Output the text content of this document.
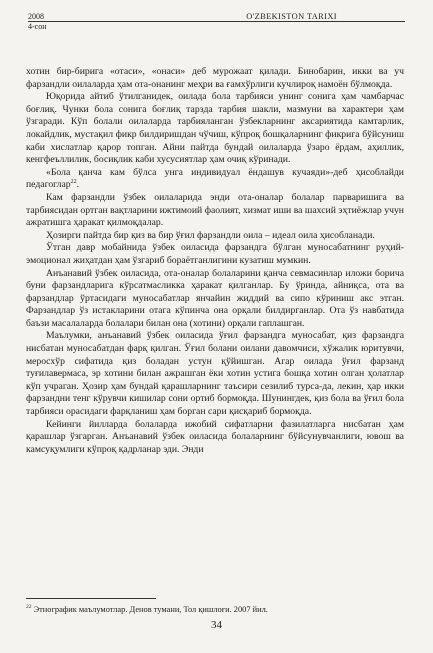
2008
4-сон
O'ZBEKISTON TARIXI

хотин бир-бирига «отаси», «онаси» деб мурожаат қилади. Бинобарин, икки ва уч фарзандли оилаларда ҳам ота-онанинг меҳри ва ғамхўрлиги кучлироқ намоён бўлмоқда.

Юқорида айтиб ўтилганидек, оилада бола тарбияси унинг сонига ҳам чамбарчас боғлиқ. Чунки бола сонига боғлиқ тарзда тарбия шакли, мазмуни ва характери ҳам ўзгаради. Кўп болали оилаларда тарбияланган ўзбекларнинг аксариятида камтарлик, локайдлик, мустақил фикр билдиришдан чўчиш, кўпроқ бошқаларнинг фикрига бўйсуниш каби хислатлар қарор топган. Айни пайтда бундай оилаларда ўзаро ёрдам, аҳиллик, кенгфеъллилик, босиқлик каби хусусиятлар ҳам очиқ кўринади.

«Бола қанча кам бўлса унга индивидуал ёндашув кучаяди»-деб ҳисоблайди педагоглар$^{22}$.

Кам фарзандли ўзбек оилаларида энди ота-оналар болалар парваришига ва тарбиясидан ортган вақтларини ижтимоий фаолият, хизмат иши ва шахсий эҳтиёжлар учун ажратишга ҳаракат қилмоқдалар.

Ҳозирги пайтда бир қиз ва бир ўғил фарзандли оила – идеал оила ҳисобланади.

Ўтган давр мобайнида ўзбек оиласида фарзандга бўлган муносабатнинг руҳий-эмоционал жиҳатдан ҳам ўзгариб бораётганлигини кузатиш мумкин.

Анъанавий ўзбек оиласида, ота-оналар болаларини қанча севмасинлар иложи борича буни фарзандларига кўрсатмасликка ҳаракат қилганлар. Бу ўринда, айниқса, ота ва фарзандлар ўртасидаги муносабатлар янчайин жиддий ва сипо кўриниш акс этган. Фарзандлар ўз истакларини отага кўпинча она орқали билдирганлар. Ота ўз навбатида баъзи масалаларда болалари билан она (хотини) орқали гаплашган.

Маълумки, анъанавий ўзбек оиласида ўғил фарзандга муносабат, қиз фарзандга нисбатан муносабатдан фарқ қилган. Ўғил болани оилани давомчиси, хўжалик юритувчи, мероcхўр сифатида қиз боладан устун қўйишган. Агар оилада ўғил фарзанд туғилавермаса, эр хотини билан ажрашган ёки хотин устига бошқа хотин олган ҳолатлар кўп учраган. Ҳозир ҳам бундай қарашларнинг таъсири сезилиб турса-да, лекин, ҳар икки фарзандни тенг кўрувчи кишилар сони ортиб бормоқда. Шунингдек, қиз бола ва ўғил бола тарбияси орасидаги фарқланиш ҳам борган сари қисқариб бормоқда.

Кейинги йилларда болаларда ижобий сифатларни фазилатларга нисбатан ҳам қарашлар ўзгарган. Анъанавий ўзбек оиласида болаларнинг бўйсунувчанлиги, ювош ва камсуқумлиги кўпроқ қадрланар эди. Энди

$^{22}$ Этнографик маълумотлар. Денов тумани, Тол қишлоғи. 2007 йил.
34
